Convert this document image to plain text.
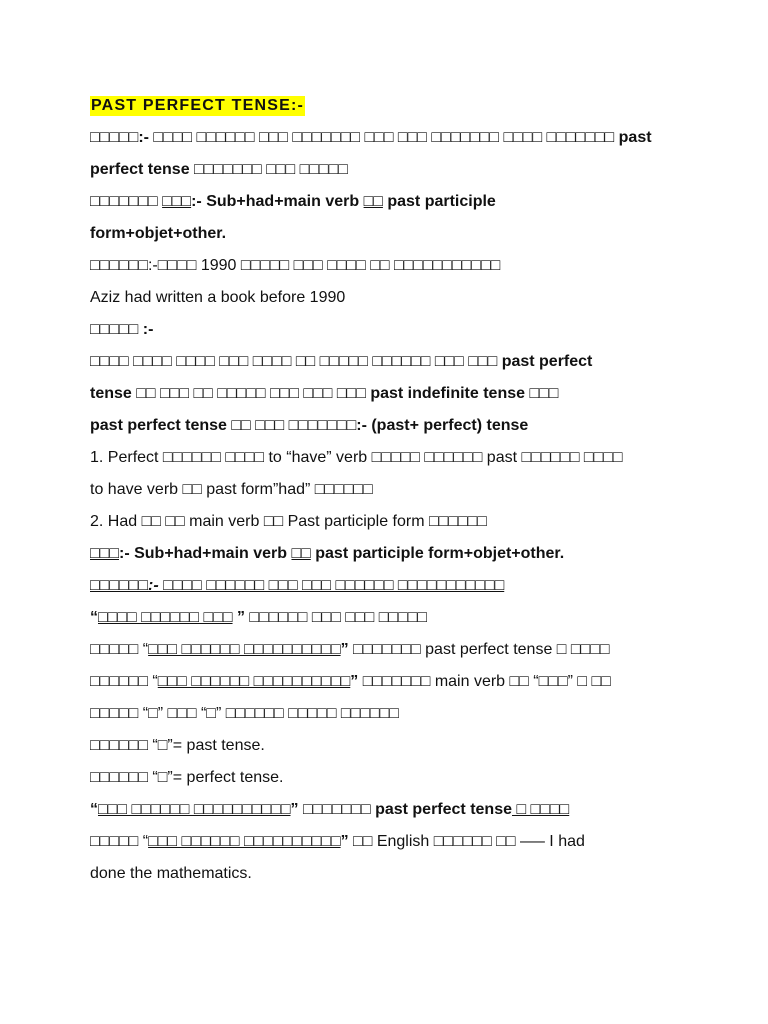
PAST PERFECT TENSE:-
□□□□□:- □□□□ □□□□□□ □□□ □□□□□□□ □□□ □□□ □□□□□□□ □□□□ □□□□□□□ past
perfect tense □□□□□□□ □□□ □□□□□
□□□□□□□ □□□:- Sub+had+main verb □□ past participle
form+objet+other.
□□□□□□:-□□□□ 1990 □□□□□ □□□ □□□□ □□ □□□□□□□□□□□
Aziz had written a book before 1990
□□□□□ :-
□□□□ □□□□ □□□□ □□□ □□□□ □□ □□□□□ □□□□□□ □□□ □□□ past perfect
tense □□ □□□ □□ □□□□□ □□□ □□□ □□□ past indefinite tense □□□
past perfect tense □□ □□□ □□□□□□□:- (past+ perfect) tense
1. Perfect □□□□□□ □□□□ to “have” verb □□□□□ □□□□□□ past □□□□□□ □□□□
to have verb □□ past form”had” □□□□□□
2. Had □□ □□ main verb □□ Past participle form □□□□□□
□□□:- Sub+had+main verb □□ past participle form+objet+other.
□□□□□□:- □□□□ □□□□□□ □□□ □□□ □□□□□□ □□□□□□□□□□□
“□□□□ □□□□□□ □□□ ” □□□□□□ □□□ □□□ □□□□□
□□□□□ “□□□ □□□□□□ □□□□□□□□□□” □□□□□□□ past perfect tense □ □□□□
□□□□□□ “□□□ □□□□□□ □□□□□□□□□□” □□□□□□□ main verb □□ “□□□” □ □□
□□□□□ “□” □□□ “□” □□□□□□ □□□□□ □□□□□□
□□□□□□ “□”= past tense.
□□□□□□ “□”= perfect tense.
“□□□ □□□□□□ □□□□□□□□□□” □□□□□□□ past perfect tense □ □□□□
□□□□□ “□□□ □□□□□□ □□□□□□□□□□” □□ English □□□□□□ □□ —– I had
done the mathematics.
